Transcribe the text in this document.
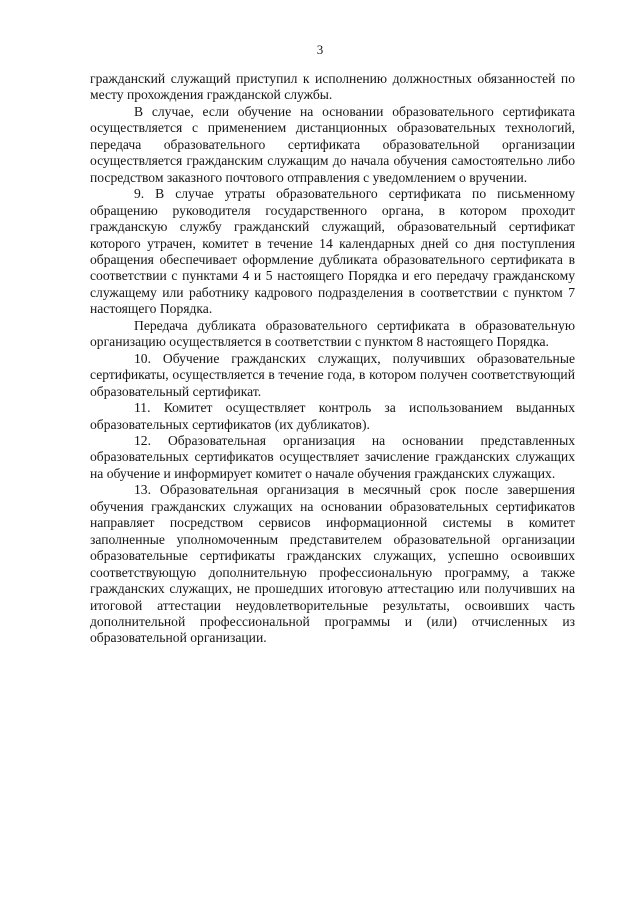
3

гражданский служащий приступил к исполнению должностных обязанностей по месту прохождения гражданской службы.

В случае, если обучение на основании образовательного сертификата осуществляется с применением дистанционных образовательных технологий, передача образовательного сертификата образовательной организации осуществляется гражданским служащим до начала обучения самостоятельно либо посредством заказного почтового отправления с уведомлением о вручении.

9. В случае утраты образовательного сертификата по письменному обращению руководителя государственного органа, в котором проходит гражданскую службу гражданский служащий, образовательный сертификат которого утрачен, комитет в течение 14 календарных дней со дня поступления обращения обеспечивает оформление дубликата образовательного сертификата в соответствии с пунктами 4 и 5 настоящего Порядка и его передачу гражданскому служащему или работнику кадрового подразделения в соответствии с пунктом 7 настоящего Порядка.

Передача дубликата образовательного сертификата в образовательную организацию осуществляется в соответствии с пунктом 8 настоящего Порядка.

10. Обучение гражданских служащих, получивших образовательные сертификаты, осуществляется в течение года, в котором получен соответствующий образовательный сертификат.

11. Комитет осуществляет контроль за использованием выданных образовательных сертификатов (их дубликатов).

12. Образовательная организация на основании представленных образовательных сертификатов осуществляет зачисление гражданских служащих на обучение и информирует комитет о начале обучения гражданских служащих.

13. Образовательная организация в месячный срок после завершения обучения гражданских служащих на основании образовательных сертификатов направляет посредством сервисов информационной системы в комитет заполненные уполномоченным представителем образовательной организации образовательные сертификаты гражданских служащих, успешно освоивших соответствующую дополнительную профессиональную программу, а также гражданских служащих, не прошедших итоговую аттестацию или получивших на итоговой аттестации неудовлетворительные результаты, освоивших часть дополнительной профессиональной программы и (или) отчисленных из образовательной организации.
